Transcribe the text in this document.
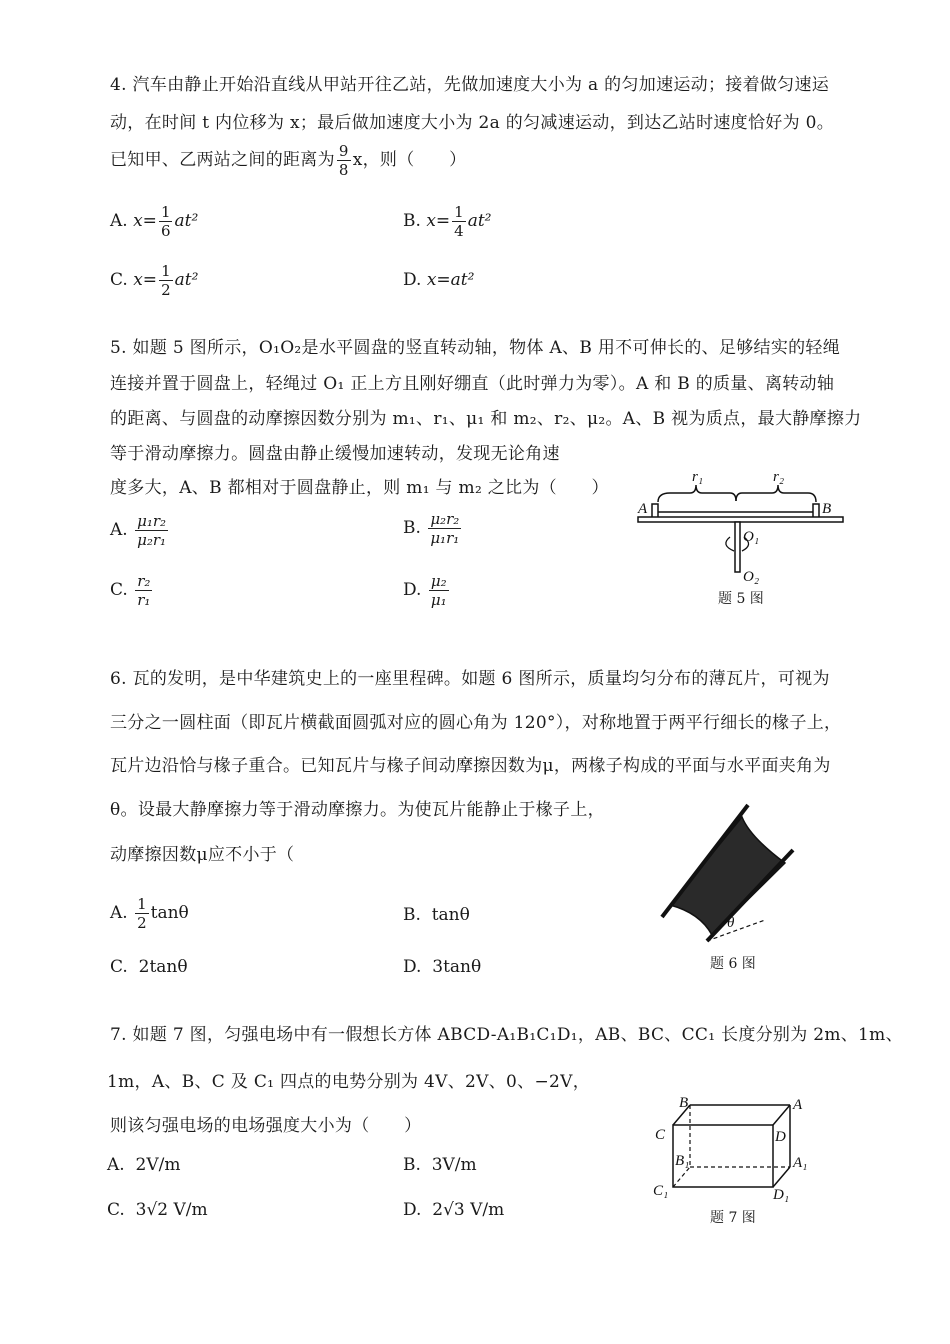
4. 汽车由静止开始沿直线从甲站开往乙站，先做加速度大小为 a 的匀加速运动；接着做匀速运
动，在时间 t 内位移为 x；最后做加速度大小为 2a 的匀减速运动，到达乙站时速度恰好为 0。
已知甲、乙两站之间的距离为 $\frac{9}{8}$ x，则（　　）
A. $x= \frac{1}{6} at^2$	B. $x= \frac{1}{4} at^2$
C. $x= \frac{1}{2} at^2$	D. x=at²
5. 如题 5 图所示，O₁O₂是水平圆盘的竖直转动轴，物体 A、B 用不可伸长的、足够结实的轻绳
连接并置于圆盘上，轻绳过 O₁ 正上方且刚好绷直（此时弹力为零）。A 和 B 的质量、离转动轴
的距离、与圆盘的动摩擦因数分别为 m₁、r₁、μ₁ 和 m₂、r₂、μ₂。A、B 视为质点，最大静摩擦力
等于滑动摩擦力。圆盘由静止缓慢加速转动，发现无论角速
度多大，A、B 都相对于圆盘静止，则 m₁ 与 m₂ 之比为（　　）
A. $\frac{\text{μ₁r₂}}{\text{μ₂r₁}}$	B. $\frac{\text{μ₂r₂}}{\text{μ₁r₁}}$
C. $\frac{\text{r₂}}{\text{r₁}}$	D. $\frac{\text{μ₂}}{\text{μ₁}}$
r₁	r₂
A	B
O₁
O₂
题 5 图
6. 瓦的发明，是中华建筑史上的一座里程碑。如题 6 图所示，质量均匀分布的薄瓦片，可视为
三分之一圆柱面（即瓦片横截面圆弧对应的圆心角为 120°），对称地置于两平行细长的椽子上，
瓦片边沿恰与椽子重合。已知瓦片与椽子间动摩擦因数为μ，两椽子构成的平面与水平面夹角为
θ。设最大静摩擦力等于滑动摩擦力。为使瓦片能静止于椽子上，
动摩擦因数μ应不小于（
A. $\frac{1}{2}$ tanθ	B. tanθ
C. 2tanθ	D. 3tanθ
θ
题 6 图
7. 如题 7 图，匀强电场中有一假想长方体 ABCD-A₁B₁C₁D₁，AB、BC、CC₁ 长度分别为 2m、1m、
1m，A、B、C 及 C₁ 四点的电势分别为 4V、2V、0、−2V，
则该匀强电场的电场强度大小为（　　）
A. 2V/m	B. 3V/m
C. 3√2 V/m	D. 2√3 V/m
B	A
C	D
B₁	A₁
C₁	D₁
题 7 图
